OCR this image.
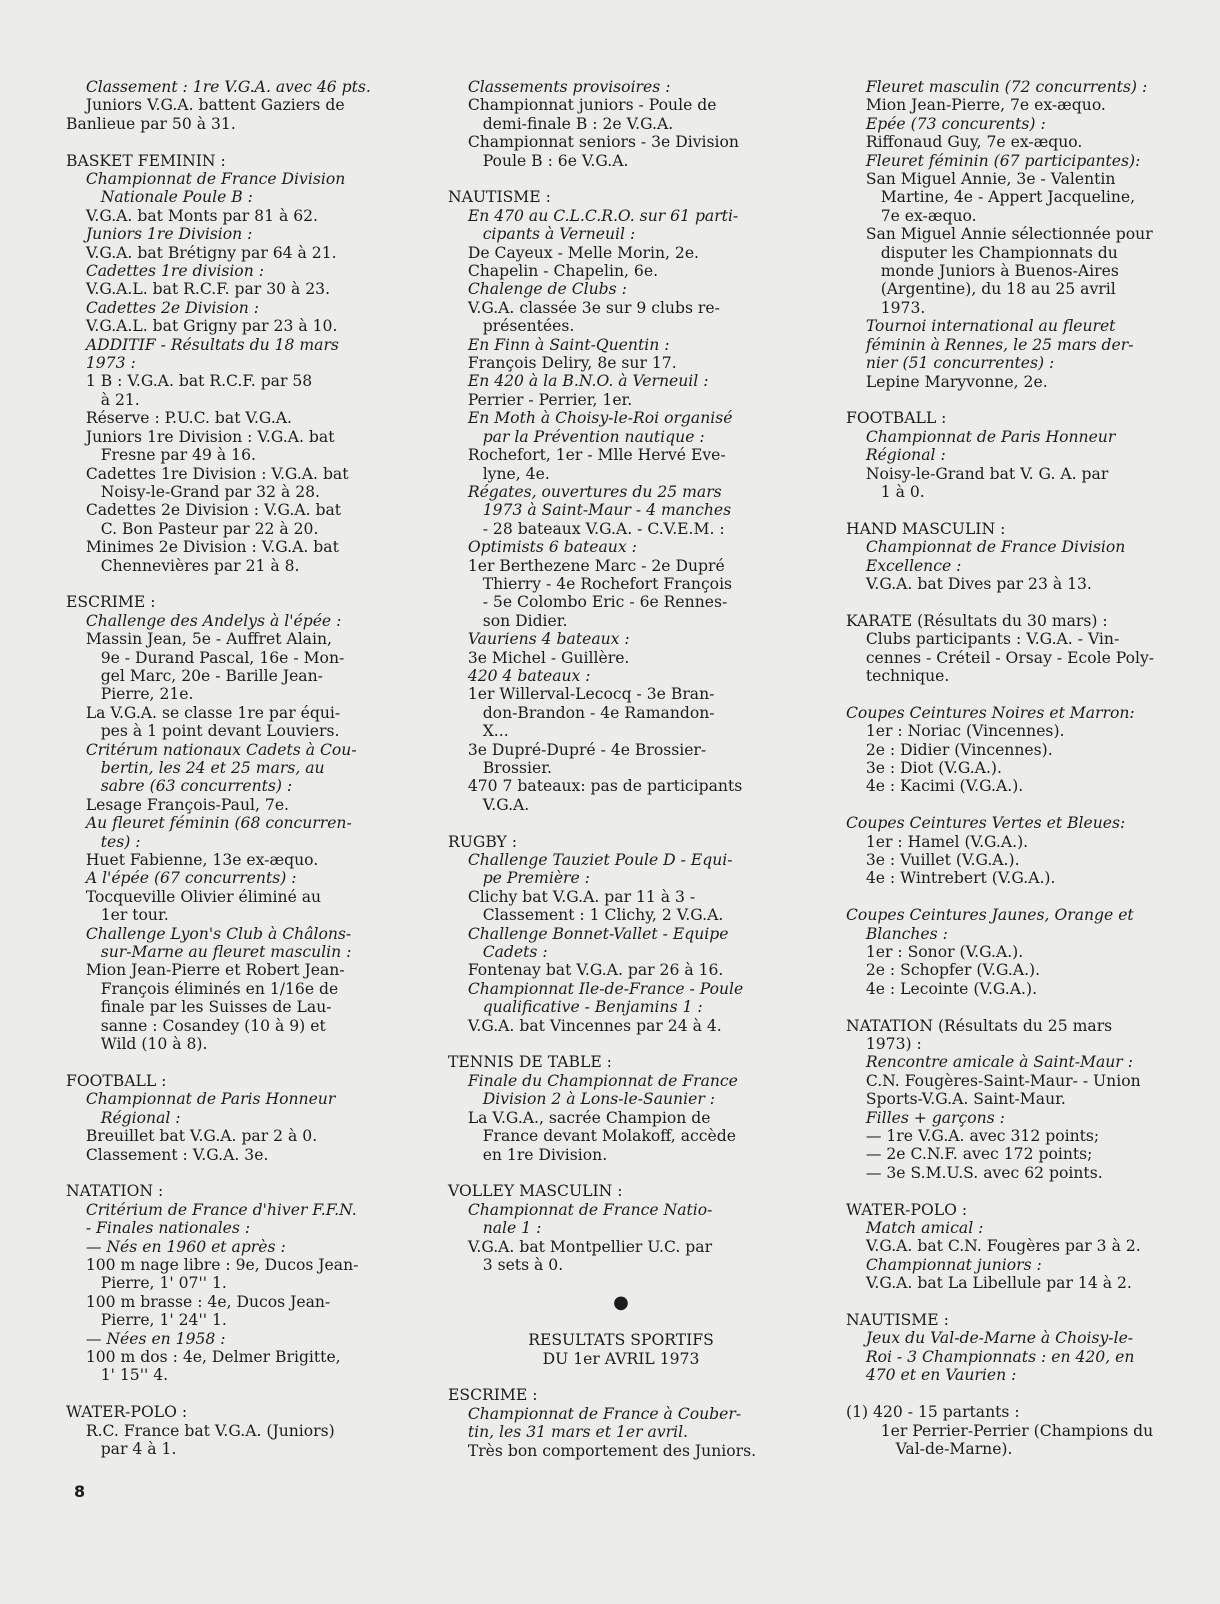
Classement : 1re V.G.A. avec 46 pts.
Juniors V.G.A. battent Gaziers de
Banlieue par 50 à 31.
BASKET FEMININ :
Championnat de France Division
Nationale Poule B :
V.G.A. bat Monts par 81 à 62.
Juniors 1re Division :
V.G.A. bat Brétigny par 64 à 21.
Cadettes 1re division :
V.G.A.L. bat R.C.F. par 30 à 23.
Cadettes 2e Division :
V.G.A.L. bat Grigny par 23 à 10.
ADDITIF - Résultats du 18 mars
1973 :
1 B : V.G.A. bat R.C.F. par 58
à 21.
Réserve : P.U.C. bat V.G.A.
Juniors 1re Division : V.G.A. bat
Fresne par 49 à 16.
Cadettes 1re Division : V.G.A. bat
Noisy-le-Grand par 32 à 28.
Cadettes 2e Division : V.G.A. bat
C. Bon Pasteur par 22 à 20.
Minimes 2e Division : V.G.A. bat
Chennevières par 21 à 8.
ESCRIME :
Challenge des Andelys à l'épée :
Massin Jean, 5e - Auffret Alain,
9e - Durand Pascal, 16e - Mon-
gel Marc, 20e - Barille Jean-
Pierre, 21e.
La V.G.A. se classe 1re par équi-
pes à 1 point devant Louviers.
Critérum nationaux Cadets à Cou-
bertin, les 24 et 25 mars, au
sabre (63 concurrents) :
Lesage François-Paul, 7e.
Au fleuret féminin (68 concurren-
tes) :
Huet Fabienne, 13e ex-æquo.
A l'épée (67 concurrents) :
Tocqueville Olivier éliminé au
1er tour.
Challenge Lyon's Club à Châlons-
sur-Marne au fleuret masculin :
Mion Jean-Pierre et Robert Jean-
François éliminés en 1/16e de
finale par les Suisses de Lau-
sanne : Cosandey (10 à 9) et
Wild (10 à 8).
FOOTBALL :
Championnat de Paris Honneur
Régional :
Breuillet bat V.G.A. par 2 à 0.
Classement : V.G.A. 3e.
NATATION :
Critérium de France d'hiver F.F.N.
- Finales nationales :
— Nés en 1960 et après :
100 m nage libre : 9e, Ducos Jean-
Pierre, 1' 07'' 1.
100 m brasse : 4e, Ducos Jean-
Pierre, 1' 24'' 1.
— Nées en 1958 :
100 m dos : 4e, Delmer Brigitte,
1' 15'' 4.
WATER-POLO :
R.C. France bat V.G.A. (Juniors)
par 4 à 1.
Classements provisoires :
Championnat juniors - Poule de
demi-finale B : 2e V.G.A.
Championnat seniors - 3e Division
Poule B : 6e V.G.A.
NAUTISME :
En 470 au C.L.C.R.O. sur 61 parti-
cipants à Verneuil :
De Cayeux - Melle Morin, 2e.
Chapelin - Chapelin, 6e.
Chalenge de Clubs :
V.G.A. classée 3e sur 9 clubs re-
présentées.
En Finn à Saint-Quentin :
François Deliry, 8e sur 17.
En 420 à la B.N.O. à Verneuil :
Perrier - Perrier, 1er.
En Moth à Choisy-le-Roi organisé
par la Prévention nautique :
Rochefort, 1er - Mlle Hervé Eve-
lyne, 4e.
Régates, ouvertures du 25 mars
1973 à Saint-Maur - 4 manches
- 28 bateaux V.G.A. - C.V.E.M. :
Optimists 6 bateaux :
1er Berthezene Marc - 2e Dupré
Thierry - 4e Rochefort François
- 5e Colombo Eric - 6e Rennes-
son Didier.
Vauriens 4 bateaux :
3e Michel - Guillère.
420 4 bateaux :
1er Willerval-Lecocq - 3e Bran-
don-Brandon - 4e Ramandon-
X...
3e Dupré-Dupré - 4e Brossier-
Brossier.
470 7 bateaux: pas de participants
V.G.A.
RUGBY :
Challenge Tauziet Poule D - Equi-
pe Première :
Clichy bat V.G.A. par 11 à 3 -
Classement : 1 Clichy, 2 V.G.A.
Challenge Bonnet-Vallet - Equipe
Cadets :
Fontenay bat V.G.A. par 26 à 16.
Championnat Ile-de-France - Poule
qualificative - Benjamins 1 :
V.G.A. bat Vincennes par 24 à 4.
TENNIS DE TABLE :
Finale du Championnat de France
Division 2 à Lons-le-Saunier :
La V.G.A., sacrée Champion de
France devant Molakoff, accède
en 1re Division.
VOLLEY MASCULIN :
Championnat de France Natio-
nale 1 :
V.G.A. bat Montpellier U.C. par
3 sets à 0.
●
RESULTATS SPORTIFS
DU 1er AVRIL 1973
ESCRIME :
Championnat de France à Couber-
tin, les 31 mars et 1er avril.
Très bon comportement des Juniors.
Fleuret masculin (72 concurrents) :
Mion Jean-Pierre, 7e ex-æquo.
Epée (73 concurents) :
Riffonaud Guy, 7e ex-æquo.
Fleuret féminin (67 participantes):
San Miguel Annie, 3e - Valentin
Martine, 4e - Appert Jacqueline,
7e ex-æquo.
San Miguel Annie sélectionnée pour
disputer les Championnats du
monde Juniors à Buenos-Aires
(Argentine), du 18 au 25 avril
1973.
Tournoi international au fleuret
féminin à Rennes, le 25 mars der-
nier (51 concurrentes) :
Lepine Maryvonne, 2e.
FOOTBALL :
Championnat de Paris Honneur
Régional :
Noisy-le-Grand bat V. G. A. par
1 à 0.
HAND MASCULIN :
Championnat de France Division
Excellence :
V.G.A. bat Dives par 23 à 13.
KARATE (Résultats du 30 mars) :
Clubs participants : V.G.A. - Vin-
cennes - Créteil - Orsay - Ecole Poly-
technique.
Coupes Ceintures Noires et Marron:
1er : Noriac (Vincennes).
2e : Didier (Vincennes).
3e : Diot (V.G.A.).
4e : Kacimi (V.G.A.).
Coupes Ceintures Vertes et Bleues:
1er : Hamel (V.G.A.).
3e : Vuillet (V.G.A.).
4e : Wintrebert (V.G.A.).
Coupes Ceintures Jaunes, Orange et
Blanches :
1er : Sonor (V.G.A.).
2e : Schopfer (V.G.A.).
4e : Lecointe (V.G.A.).
NATATION (Résultats du 25 mars
1973) :
Rencontre amicale à Saint-Maur :
C.N. Fougères-Saint-Maur- - Union
Sports-V.G.A. Saint-Maur.
Filles + garçons :
— 1re V.G.A. avec 312 points;
— 2e C.N.F. avec 172 points;
— 3e S.M.U.S. avec 62 points.
WATER-POLO :
Match amical :
V.G.A. bat C.N. Fougères par 3 à 2.
Championnat juniors :
V.G.A. bat La Libellule par 14 à 2.
NAUTISME :
Jeux du Val-de-Marne à Choisy-le-
Roi - 3 Championnats : en 420, en
470 et en Vaurien :
(1) 420 - 15 partants :
1er Perrier-Perrier (Champions du
Val-de-Marne).
8
